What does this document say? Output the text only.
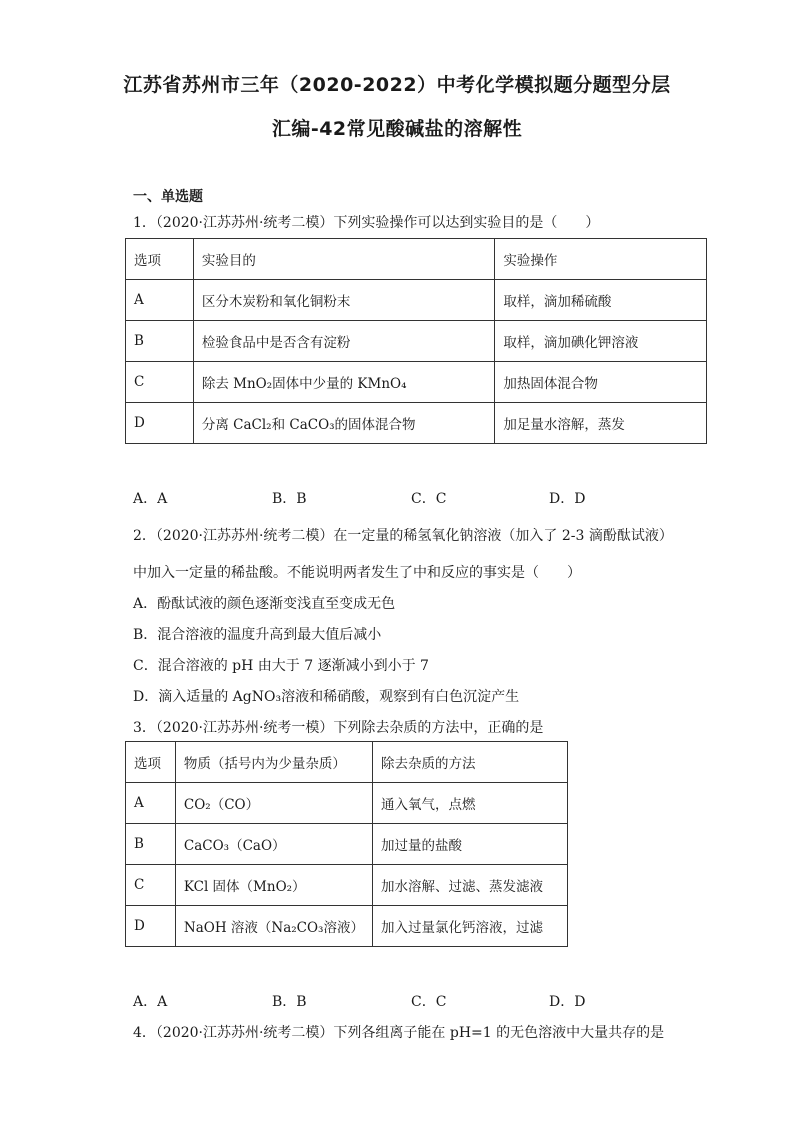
江苏省苏州市三年（2020-2022）中考化学模拟题分题型分层
汇编-42常见酸碱盐的溶解性
一、单选题
1．（2020·江苏苏州·统考二模）下列实验操作可以达到实验目的是（　　）
选项	实验目的	实验操作
A	区分木炭粉和氧化铜粉末	取样，滴加稀硫酸
B	检验食品中是否含有淀粉	取样，滴加碘化钾溶液
C	除去 MnO₂固体中少量的 KMnO₄	加热固体混合物
D	分离 CaCl₂和 CaCO₃的固体混合物	加足量水溶解，蒸发
A．A	B．B	C．C	D．D
2．（2020·江苏苏州·统考二模）在一定量的稀氢氧化钠溶液（加入了 2-3 滴酚酞试液）
中加入一定量的稀盐酸。不能说明两者发生了中和反应的事实是（　　）
A．酚酞试液的颜色逐渐变浅直至变成无色
B．混合溶液的温度升高到最大值后减小
C．混合溶液的 pH 由大于 7 逐渐减小到小于 7
D．滴入适量的 AgNO₃溶液和稀硝酸，观察到有白色沉淀产生
3．（2020·江苏苏州·统考一模）下列除去杂质的方法中，正确的是
选项	物质（括号内为少量杂质）	除去杂质的方法
A	CO₂（CO）	通入氧气，点燃
B	CaCO₃（CaO）	加过量的盐酸
C	KCl 固体（MnO₂）	加水溶解、过滤、蒸发滤液
D	NaOH 溶液（Na₂CO₃溶液）	加入过量氯化钙溶液，过滤
A．A	B．B	C．C	D．D
4．（2020·江苏苏州·统考二模）下列各组离子能在 pH=1 的无色溶液中大量共存的是
